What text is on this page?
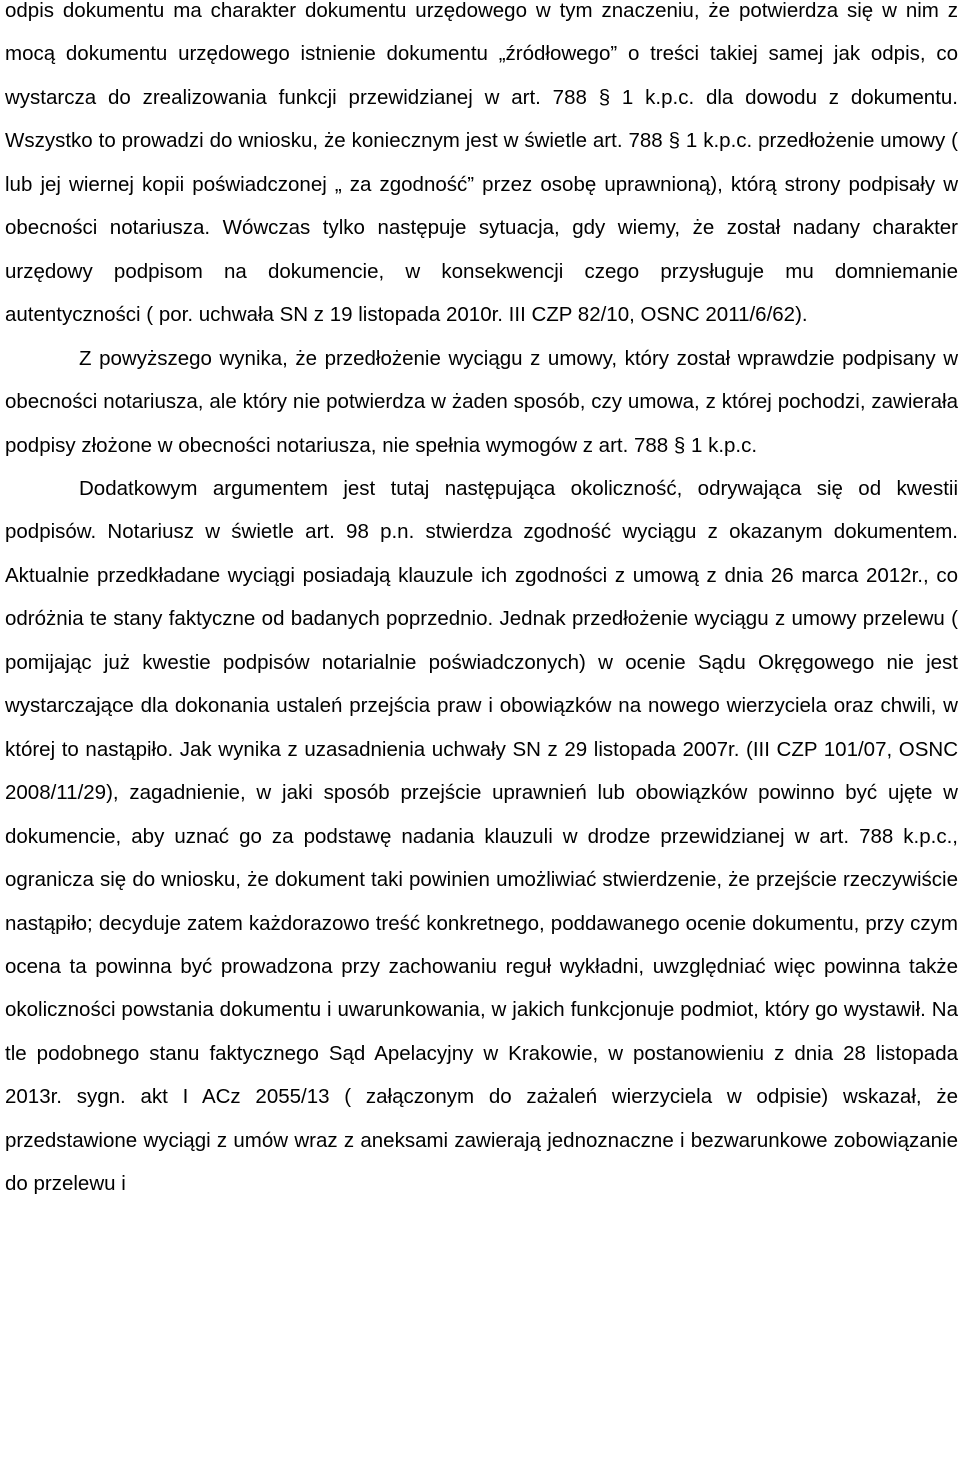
odpis dokumentu ma charakter dokumentu urzędowego w tym znaczeniu, że potwierdza się w nim z mocą dokumentu urzędowego istnienie dokumentu „źródłowego” o treści takiej samej jak odpis, co wystarcza do zrealizowania funkcji przewidzianej w art. 788 § 1 k.p.c. dla dowodu z dokumentu. Wszystko to prowadzi do wniosku, że koniecznym jest w świetle art. 788 § 1 k.p.c. przedłożenie umowy ( lub jej wiernej kopii poświadczonej „ za zgodność” przez osobę uprawnioną), którą strony podpisały w obecności notariusza. Wówczas tylko następuje sytuacja, gdy wiemy, że został nadany charakter urzędowy podpisom na dokumencie, w konsekwencji czego przysługuje mu domniemanie autentyczności ( por. uchwała SN z 19 listopada 2010r. III CZP 82/10, OSNC 2011/6/62).

Z powyższego wynika, że przedłożenie wyciągu z umowy, który został wprawdzie podpisany w obecności notariusza, ale który nie potwierdza w żaden sposób, czy umowa, z której pochodzi, zawierała podpisy złożone w obecności notariusza, nie spełnia wymogów z art. 788 § 1 k.p.c.

Dodatkowym argumentem jest tutaj następująca okoliczność, odrywająca się od kwestii podpisów. Notariusz w świetle art. 98 p.n. stwierdza zgodność wyciągu z okazanym dokumentem. Aktualnie przedkładane wyciągi posiadają klauzule ich zgodności z umową z dnia 26 marca 2012r., co odróżnia te stany faktyczne od badanych poprzednio. Jednak przedłożenie wyciągu z umowy przelewu ( pomijając już kwestie podpisów notarialnie poświadczonych) w ocenie Sądu Okręgowego nie jest wystarczające dla dokonania ustaleń przejścia praw i obowiązków na nowego wierzyciela oraz chwili, w której to nastąpiło. Jak wynika z uzasadnienia uchwały SN z 29 listopada 2007r. (III CZP 101/07, OSNC 2008/11/29), zagadnienie, w jaki sposób przejście uprawnień lub obowiązków powinno być ujęte w dokumencie, aby uznać go za podstawę nadania klauzuli w drodze przewidzianej w art. 788 k.p.c., ogranicza się do wniosku, że dokument taki powinien umożliwiać stwierdzenie, że przejście rzeczywiście nastąpiło; decyduje zatem każdorazowo treść konkretnego, poddawanego ocenie dokumentu, przy czym ocena ta powinna być prowadzona przy zachowaniu reguł wykładni, uwzględniać więc powinna także okoliczności powstania dokumentu i uwarunkowania, w jakich funkcjonuje podmiot, który go wystawił. Na tle podobnego stanu faktycznego Sąd Apelacyjny w Krakowie, w postanowieniu z dnia 28 listopada 2013r. sygn. akt I ACz 2055/13 ( załączonym do zażaleń wierzyciela w odpisie) wskazał, że przedstawione wyciągi z umów wraz z aneksami zawierają jednoznaczne i bezwarunkowe zobowiązanie do przelewu i
